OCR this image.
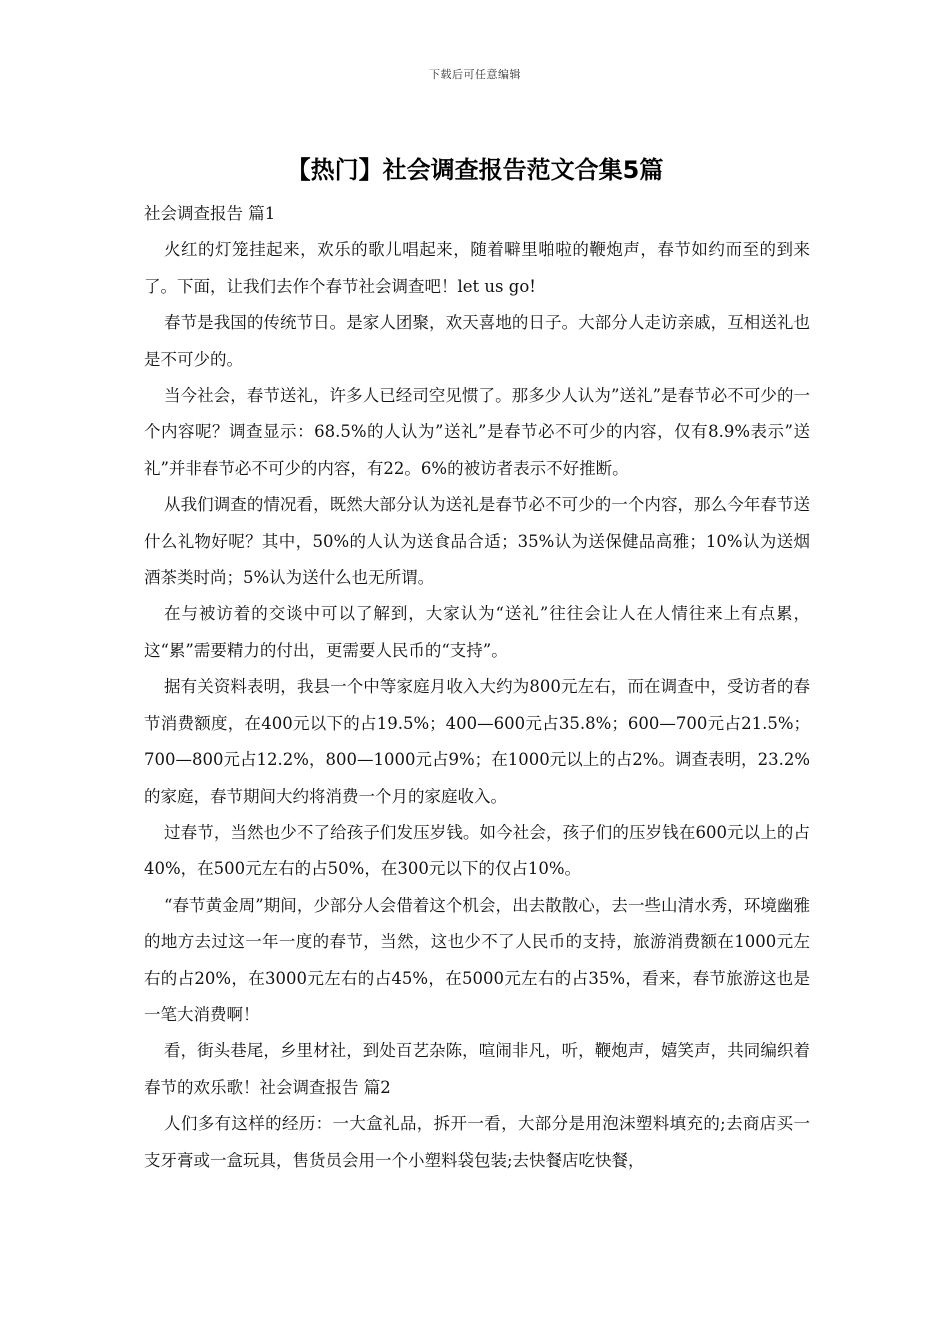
下载后可任意编辑
【热门】社会调查报告范文合集5篇

社会调查报告 篇1

火红的灯笼挂起来，欢乐的歌儿唱起来，随着噼里啪啦的鞭炮声，春节如约而至的到来了。下面，让我们去作个春节社会调查吧！let us go!

春节是我国的传统节日。是家人团聚，欢天喜地的日子。大部分人走访亲戚，互相送礼也是不可少的。

当今社会，春节送礼，许多人已经司空见惯了。那多少人认为”送礼”是春节必不可少的一个内容呢？调查显示：68.5%的人认为”送礼”是春节必不可少的内容，仅有8.9%表示”送礼”并非春节必不可少的内容，有22。6%的被访者表示不好推断。

从我们调查的情况看，既然大部分认为送礼是春节必不可少的一个内容，那么今年春节送什么礼物好呢？其中，50%的人认为送食品合适；35%认为送保健品高雅；10%认为送烟酒茶类时尚；5%认为送什么也无所谓。

在与被访着的交谈中可以了解到，大家认为“送礼”往往会让人在人情往来上有点累，这“累”需要精力的付出，更需要人民币的“支持”。

据有关资料表明，我县一个中等家庭月收入大约为800元左右，而在调查中，受访者的春节消费额度，在400元以下的占19.5%；400—600元占35.8%；600—700元占21.5%；700—800元占12.2%，800—1000元占9%；在1000元以上的占2%。调查表明，23.2%的家庭，春节期间大约将消费一个月的家庭收入。

过春节，当然也少不了给孩子们发压岁钱。如今社会，孩子们的压岁钱在600元以上的占40%，在500元左右的占50%，在300元以下的仅占10%。

“春节黄金周”期间，少部分人会借着这个机会，出去散散心，去一些山清水秀，环境幽雅的地方去过这一年一度的春节，当然，这也少不了人民币的支持，旅游消费额在1000元左右的占20%，在3000元左右的占45%，在5000元左右的占35%，看来，春节旅游这也是一笔大消费啊！

看，街头巷尾，乡里材社，到处百艺杂陈，喧闹非凡，听，鞭炮声，嬉笑声，共同编织着春节的欢乐歌！社会调查报告 篇2

人们多有这样的经历：一大盒礼品，拆开一看，大部分是用泡沫塑料填充的;去商店买一支牙膏或一盒玩具，售货员会用一个小塑料袋包装;去快餐店吃快餐，
